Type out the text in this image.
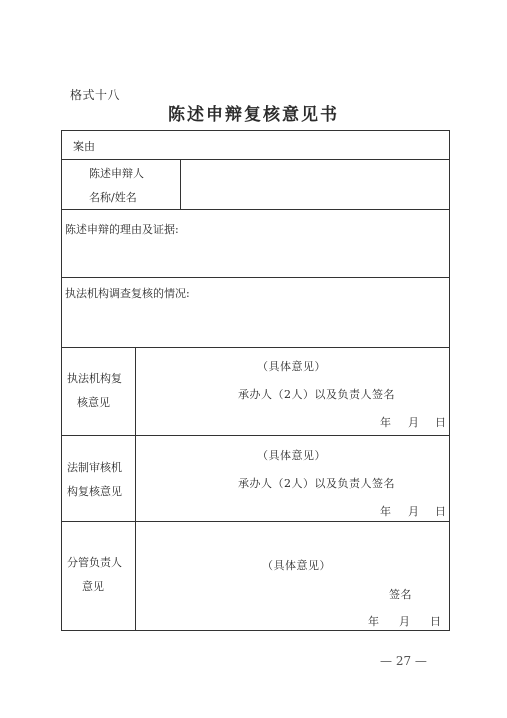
格式十八
陈述申辩复核意见书
案由
陈述申辩人
名称/姓名
陈述申辩的理由及证据:
执法机构调查复核的情况:
执法机构复
核意见
（具体意见）
承办人（2人）以及负责人签名
年 月 日
法制审核机
构复核意见
（具体意见）
承办人（2人）以及负责人签名
年 月 日
分管负责人
意见
（具体意见）
签名
年 月 日
— 27 —
